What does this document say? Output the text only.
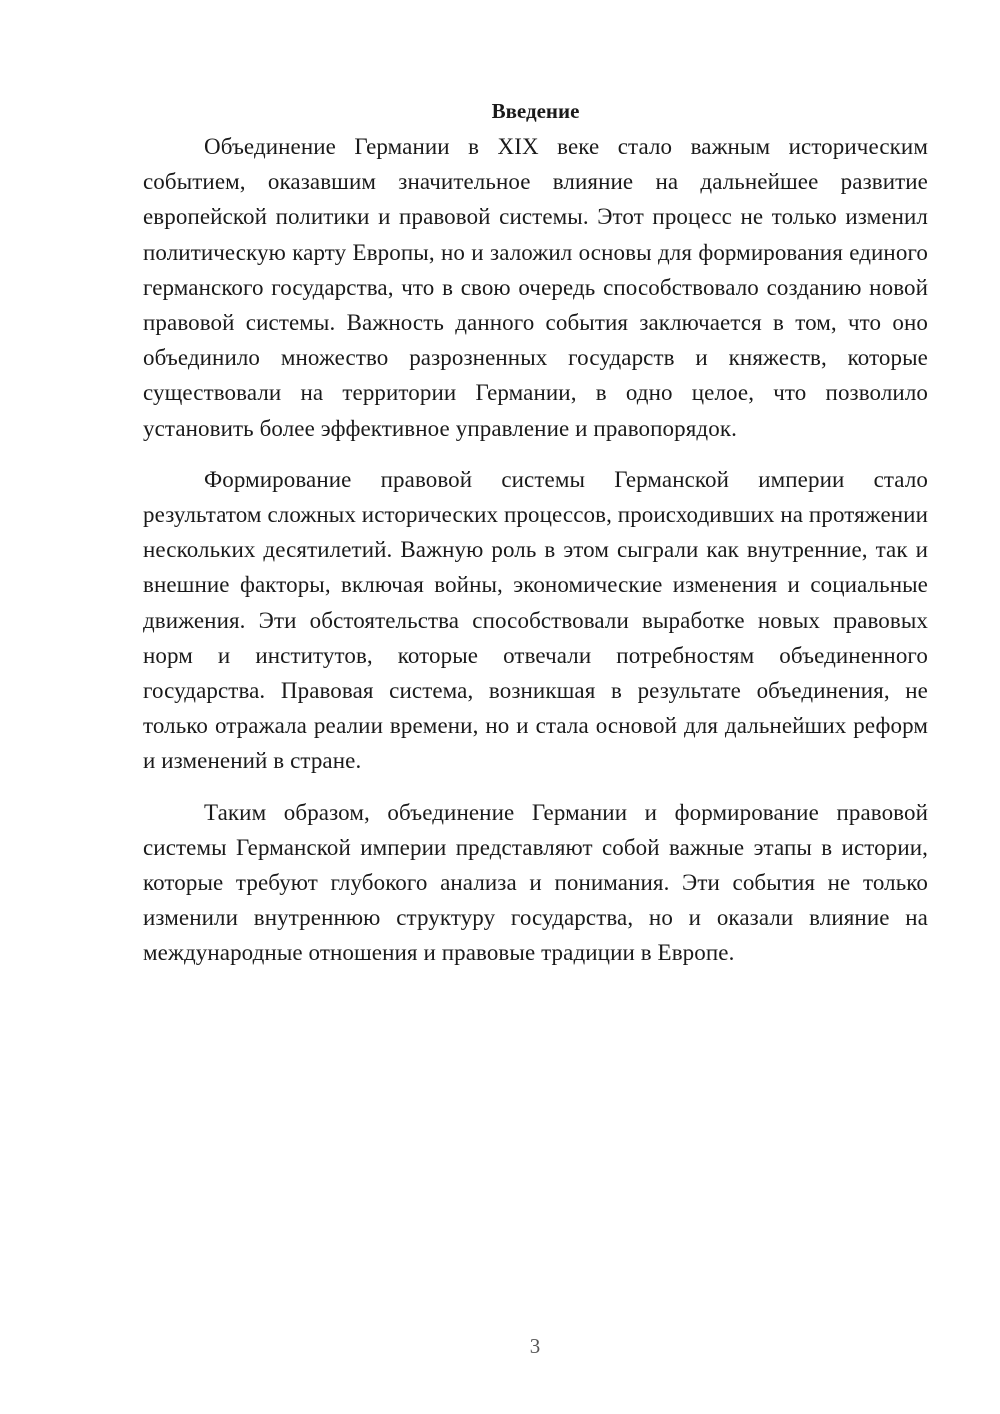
Введение

Объединение Германии в XIX веке стало важным историческим событием, оказавшим значительное влияние на дальнейшее развитие европейской политики и правовой системы. Этот процесс не только изменил политическую карту Европы, но и заложил основы для формирования единого германского государства, что в свою очередь способствовало созданию новой правовой системы. Важность данного события заключается в том, что оно объединило множество разрозненных государств и княжеств, которые существовали на территории Германии, в одно целое, что позволило установить более эффективное управление и правопорядок.

Формирование правовой системы Германской империи стало результатом сложных исторических процессов, происходивших на протяжении нескольких десятилетий. Важную роль в этом сыграли как внутренние, так и внешние факторы, включая войны, экономические изменения и социальные движения. Эти обстоятельства способствовали выработке новых правовых норм и институтов, которые отвечали потребностям объединенного государства. Правовая система, возникшая в результате объединения, не только отражала реалии времени, но и стала основой для дальнейших реформ и изменений в стране.

Таким образом, объединение Германии и формирование правовой системы Германской империи представляют собой важные этапы в истории, которые требуют глубокого анализа и понимания. Эти события не только изменили внутреннюю структуру государства, но и оказали влияние на международные отношения и правовые традиции в Европе.

3
